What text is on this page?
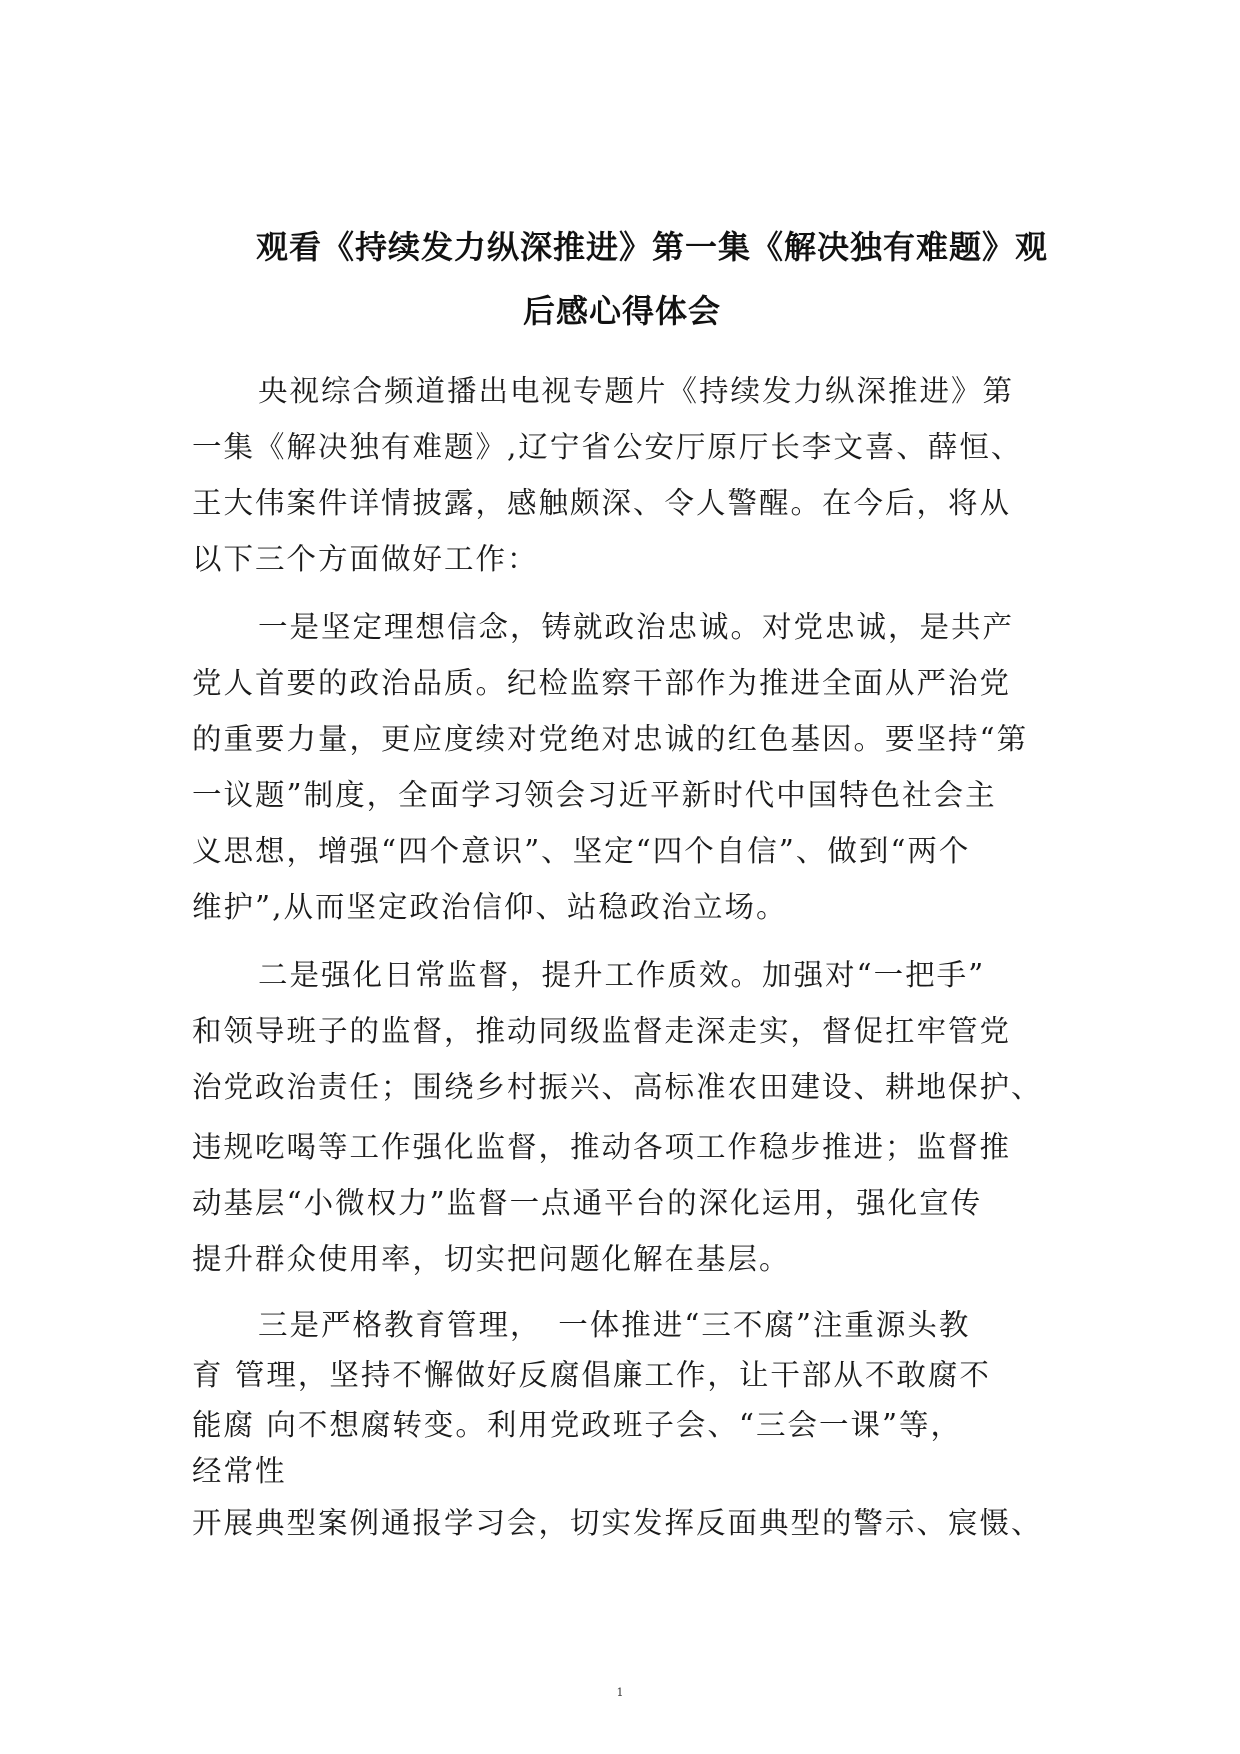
观看《持续发力纵深推进》第一集《解决独有难题》观
后感心得体会
央视综合频道播出电视专题片《持续发力纵深推进》第
一集《解决独有难题》,辽宁省公安厅原厅长李文喜、薛恒、
王大伟案件详情披露，感触颇深、令人警醒。在今后，将从
以下三个方面做好工作：
一是坚定理想信念，铸就政治忠诚。对党忠诚，是共产
党人首要的政治品质。纪检监察干部作为推进全面从严治党
的重要力量，更应度续对党绝对忠诚的红色基因。要坚持“第
一议题”制度，全面学习领会习近平新时代中国特色社会主
义思想，增强“四个意识”、坚定“四个自信”、做到“两个
维护”,从而坚定政治信仰、站稳政治立场。
二是强化日常监督，提升工作质效。加强对“一把手”
和领导班子的监督，推动同级监督走深走实，督促扛牢管党
治党政治责任；围绕乡村振兴、高标准农田建设、耕地保护、
违规吃喝等工作强化监督，推动各项工作稳步推进；监督推
动基层“小微权力”监督一点通平台的深化运用，强化宣传
提升群众使用率，切实把问题化解在基层。
三是严格教育管理，　一体推进“三不腐”注重源头教
育 管理，坚持不懈做好反腐倡廉工作，让干部从不敢腐不
能腐 向不想腐转变。利用党政班子会、“三会一课”等，
经常性
开展典型案例通报学习会，切实发挥反面典型的警示、宸慑、
1
